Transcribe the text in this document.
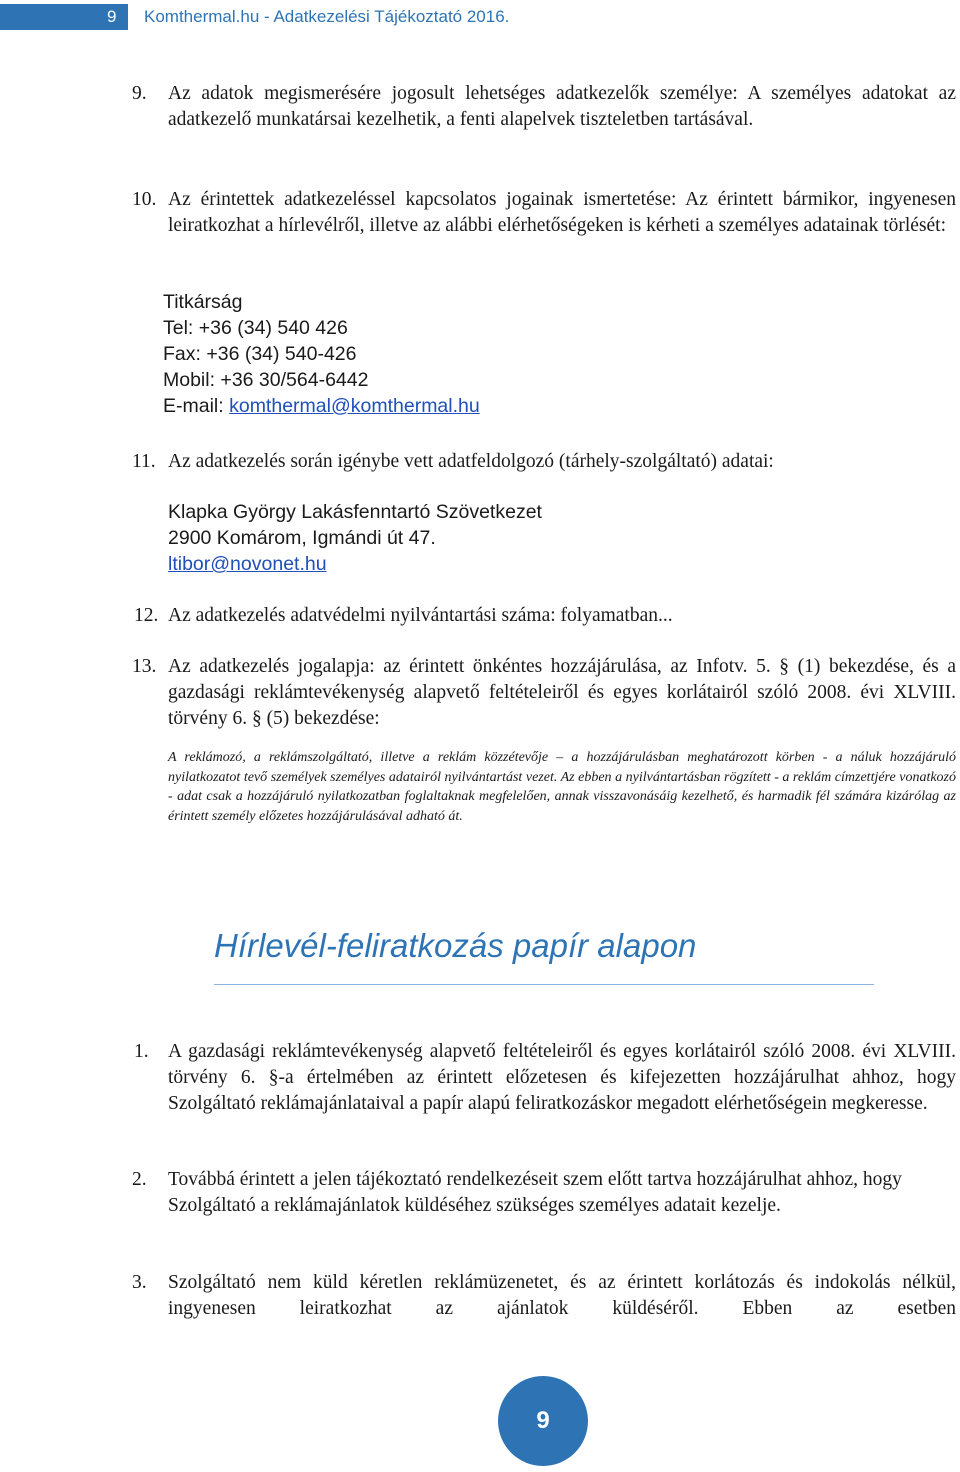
9	Komthermal.hu - Adatkezelési Tájékoztató 2016.
9. Az adatok megismerésére jogosult lehetséges adatkezelők személye: A személyes adatokat az adatkezelő munkatársai kezelhetik, a fenti alapelvek tiszteletben tartásával.
10. Az érintettek adatkezeléssel kapcsolatos jogainak ismertetése: Az érintett bármikor, ingyenesen leiratkozhat a hírlevélről, illetve az alábbi elérhetőségeken is kérheti a személyes adatainak törlését:
Titkárság
Tel: +36 (34) 540 426
Fax: +36 (34) 540-426
Mobil: +36 30/564-6442
E-mail: komthermal@komthermal.hu
11. Az adatkezelés során igénybe vett adatfeldolgozó (tárhely-szolgáltató) adatai:
Klapka György Lakásfenntartó Szövetkezet
2900 Komárom, Igmándi út 47.
ltibor@novonet.hu
12. Az adatkezelés adatvédelmi nyilvántartási száma: folyamatban...
13. Az adatkezelés jogalapja: az érintett önkéntes hozzájárulása, az Infotv. 5. § (1) bekezdése, és a gazdasági reklámtevékenység alapvető feltételeiről és egyes korlátairól szóló 2008. évi XLVIII. törvény 6. § (5) bekezdése:
A reklámozó, a reklámszolgáltató, illetve a reklám közzétevője – a hozzájárulásban meghatározott körben - a náluk hozzájáruló nyilatkozatot tevő személyek személyes adatairól nyilvántartást vezet. Az ebben a nyilvántartásban rögzített - a reklám címzettjére vonatkozó - adat csak a hozzájáruló nyilatkozatban foglaltaknak megfelelően, annak visszavonásáig kezelhető, és harmadik fél számára kizárólag az érintett személy előzetes hozzájárulásával adható át.
Hírlevél-feliratkozás papír alapon
1. A gazdasági reklámtevékenység alapvető feltételeiről és egyes korlátairól szóló 2008. évi XLVIII. törvény 6. §-a értelmében az érintett előzetesen és kifejezetten hozzájárulhat ahhoz, hogy Szolgáltató reklámajánlataival a papír alapú feliratkozáskor megadott elérhetőségein megkeresse.
2. Továbbá érintett a jelen tájékoztató rendelkezéseit szem előtt tartva hozzájárulhat ahhoz, hogy Szolgáltató a reklámajánlatok küldéséhez szükséges személyes adatait kezelje.
3. Szolgáltató nem küld kéretlen reklámüzenetet, és az érintett korlátozás és indokolás nélkül, ingyenesen leiratkozhat az ajánlatok küldéséről. Ebben az esetben
9
